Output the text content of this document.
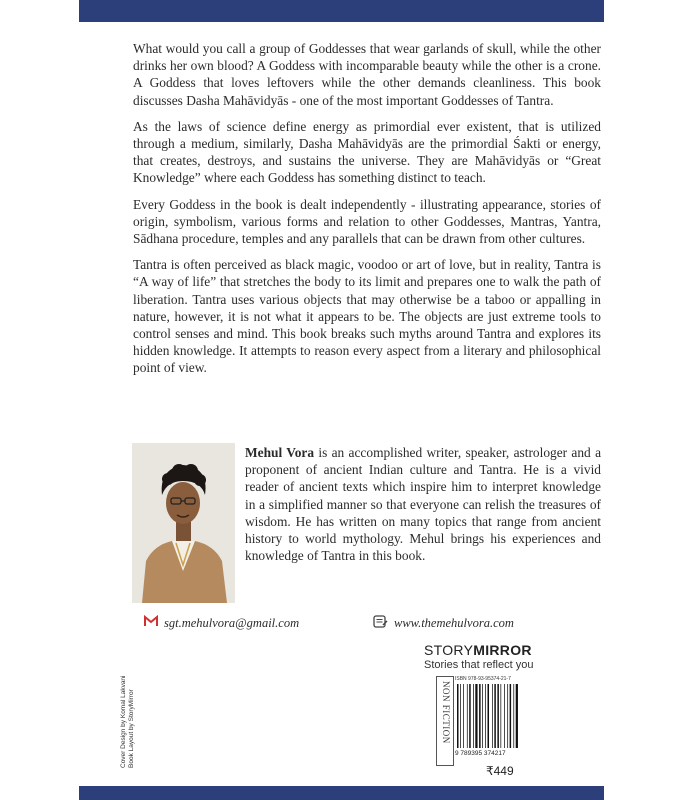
What would you call a group of Goddesses that wear garlands of skull, while the other drinks her own blood? A Goddess with incomparable beauty while the other is a crone. A Goddess that loves leftovers while the other demands cleanliness. This book discusses Dasha Mahāvidyās - one of the most important Goddesses of Tantra.

As the laws of science define energy as primordial ever existent, that is utilized through a medium, similarly, Dasha Mahāvidyās are the primordial Śakti or energy, that creates, destroys, and sustains the universe. They are Mahāvidyās or “Great Knowledge” where each Goddess has something distinct to teach.

Every Goddess in the book is dealt independently - illustrating appearance, stories of origin, symbolism, various forms and relation to other Goddesses, Mantras, Yantra, Sādhana procedure, temples and any parallels that can be drawn from other cultures.

Tantra is often perceived as black magic, voodoo or art of love, but in reality, Tantra is “A way of life” that stretches the body to its limit and prepares one to walk the path of liberation. Tantra uses various objects that may otherwise be a taboo or appalling in nature, however, it is not what it appears to be. The objects are just extreme tools to control senses and mind. This book breaks such myths around Tantra and explores its hidden knowledge. It attempts to reason every aspect from a literary and philosophical point of view.

Mehul Vora is an accomplished writer, speaker, astrologer and a proponent of ancient Indian culture and Tantra. He is a vivid reader of ancient texts which inspire him to interpret knowledge in a simplified manner so that everyone can relish the treasures of wisdom. He has written on many topics that range from ancient history to world mythology. Mehul brings his experiences and knowledge of Tantra in this book.
sgt.mehulvora@gmail.com	www.themehulvora.com
Cover Design by Komal Lakvani Book Layout by StoryMirror
STORYMIRROR
Stories that reflect you
NON FICTION
ISBN 978-93-95374-21-7
9 789395 374217
₹449
